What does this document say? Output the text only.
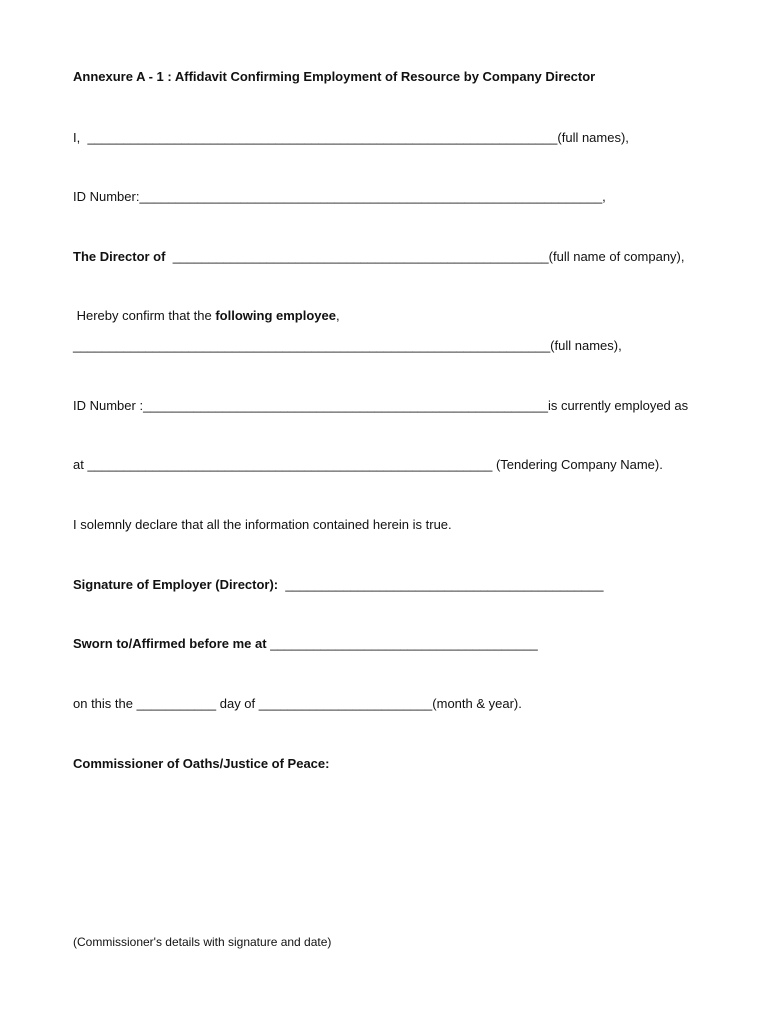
Annexure A - 1 : Affidavit Confirming Employment of Resource by Company Director
I,  _________________________________________________________________(full names),
ID Number:________________________________________________________________,
The Director of  ____________________________________________________(full name of company),
Hereby confirm that the following employee,
__________________________________________________________________(full names),
ID Number :________________________________________________________is currently employed as
at ________________________________________________________ (Tendering Company Name).
I solemnly declare that all the information contained herein is true.
Signature of Employer (Director):  ____________________________________________
Sworn to/Affirmed before me at _____________________________________
on this the ___________ day of ________________________(month & year).
Commissioner of Oaths/Justice of Peace:
(Commissioner's details with signature and date)
